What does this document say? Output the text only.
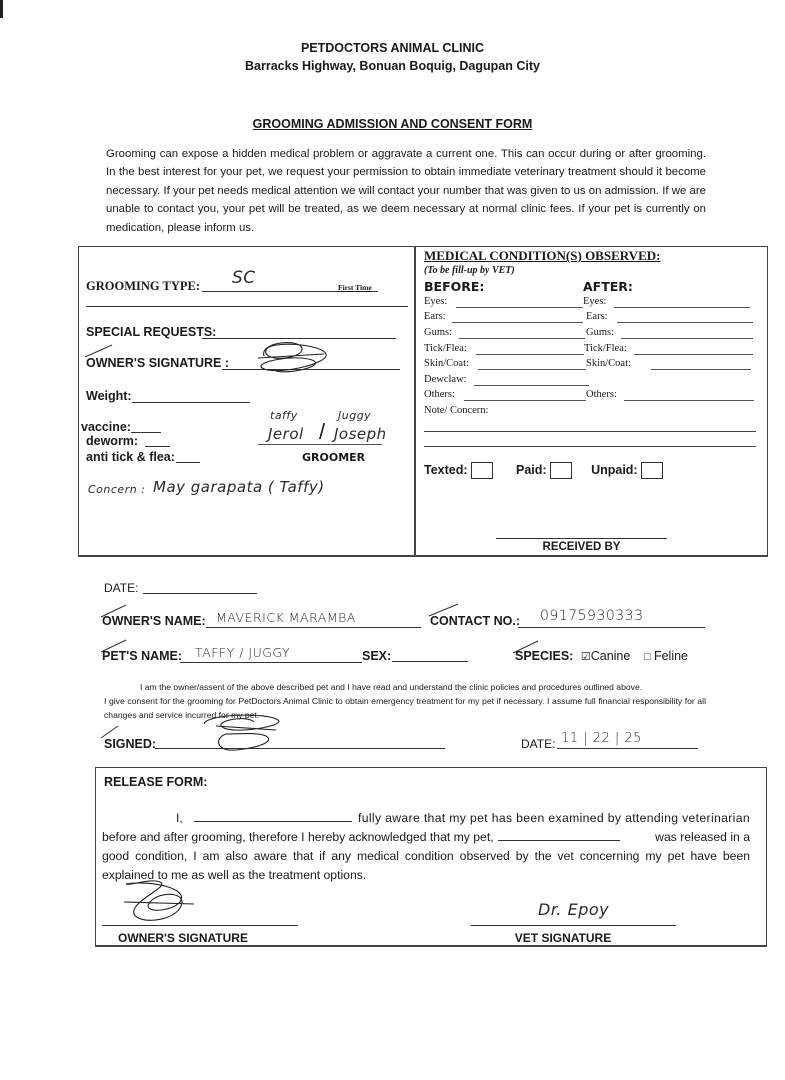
PETDOCTORS ANIMAL CLINIC
Barracks Highway, Bonuan Boquig, Dagupan City
GROOMING ADMISSION AND CONSENT FORM
Grooming can expose a hidden medical problem or aggravate a current one. This can occur during or after grooming. In the best interest for your pet, we request your permission to obtain immediate veterinary treatment should it become necessary. If your pet needs medical attention we will contact your number that was given to us on admission. If we are unable to contact you, your pet will be treated, as we deem necessary at normal clinic fees. If your pet is currently on medication, please inform us.
GROOMING TYPE: SC	First Time
SPECIAL REQUESTS:
OWNER'S SIGNATURE :
Weight:
vaccine:
deworm:
anti tick & flea:
taffy	Juggy
Jerol / Joseph
GROOMER
Concern : May garapata ( Taffy)
MEDICAL CONDITION(S) OBSERVED:
(To be fill-up by VET)
BEFORE:	AFTER:
Eyes:	Eyes:
Ears:	Ears:
Gums:	Gums:
Tick/Flea:	Tick/Flea:
Skin/Coat:	Skin/Coat:
Dewclaw:
Others:	Others:
Note/ Concern:
Texted:	Paid:	Unpaid:
RECEIVED BY
DATE:
OWNER'S NAME: MAVERICK MARAMBA	CONTACT NO.: 09175930333
PET'S NAME: TAFFY / JUGGY	SEX:	SPECIES: ☑Canine □ Feline
I am the owner/assent of the above described pet and I have read and understand the clinic policies and procedures outlined above.
I give consent for the grooming for PetDoctors Animal Clinic to obtain emergency treatment for my pet if necessary. I assume full financial responsibility for all changes and service incurred for my pet.
SIGNED:	DATE: 11 | 22 | 25
RELEASE FORM:
I,	fully aware that my pet has been examined by attending veterinarian
before and after grooming, therefore I hereby acknowledged that my pet,	was released in a
good condition, I am also aware that if any medical condition observed by the vet concerning my pet have been explained to me as well as the treatment options.
OWNER'S SIGNATURE
Dr. Epoy
VET SIGNATURE
